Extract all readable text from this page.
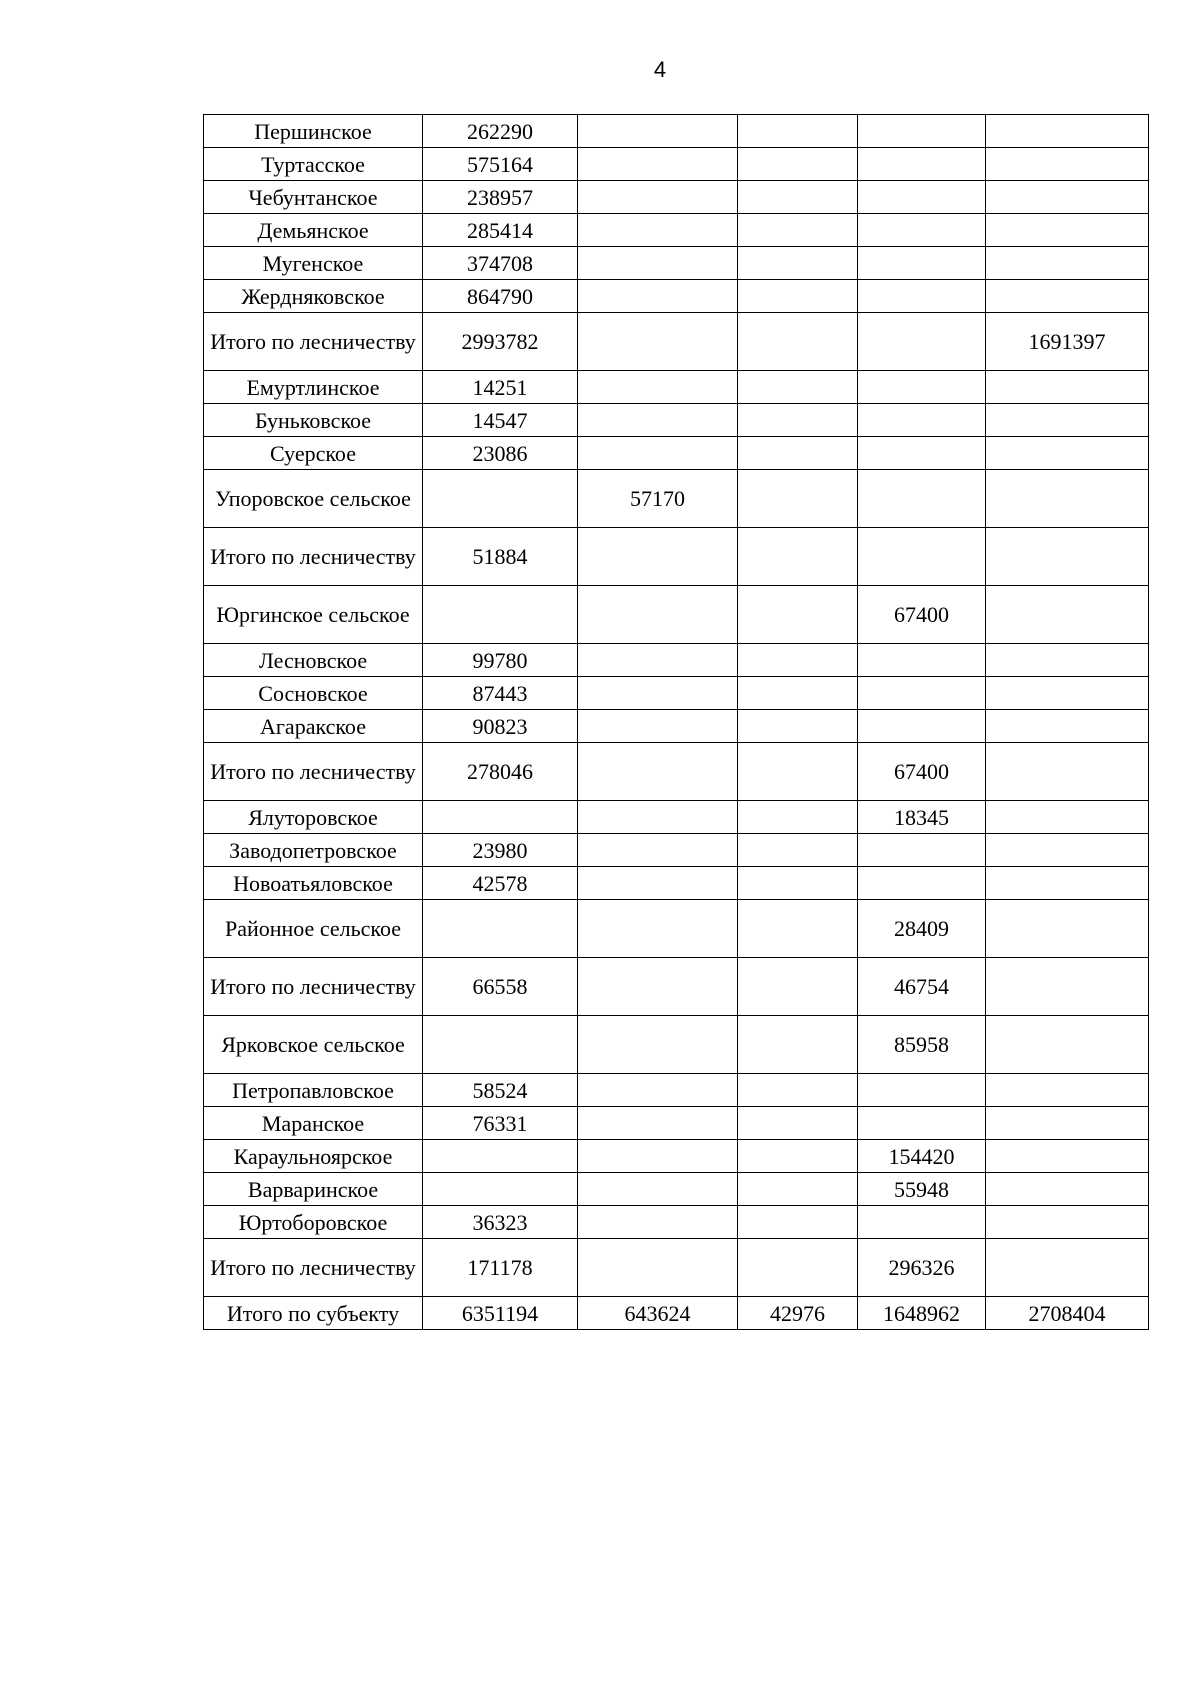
4
Першинское	262290				
Туртасское	575164				
Чебунтанское	238957				
Демьянское	285414				
Мугенское	374708				
Жердняковское	864790				
Итого по лесничеству	2993782				1691397
Емуртлинское	14251				
Буньковское	14547				
Суерское	23086				
Упоровское сельское		57170			
Итого по лесничеству	51884				
Юргинское сельское				67400	
Лесновское	99780				
Сосновское	87443				
Агаракское	90823				
Итого по лесничеству	278046			67400	
Ялуторовское				18345	
Заводопетровское	23980				
Новоатьяловское	42578				
Районное сельское				28409	
Итого по лесничеству	66558			46754	
Ярковское сельское				85958	
Петропавловское	58524				
Маранское	76331				
Караульноярское				154420	
Варваринское				55948	
Юртоборовское	36323				
Итого по лесничеству	171178			296326	
Итого по субъекту	6351194	643624	42976	1648962	2708404
